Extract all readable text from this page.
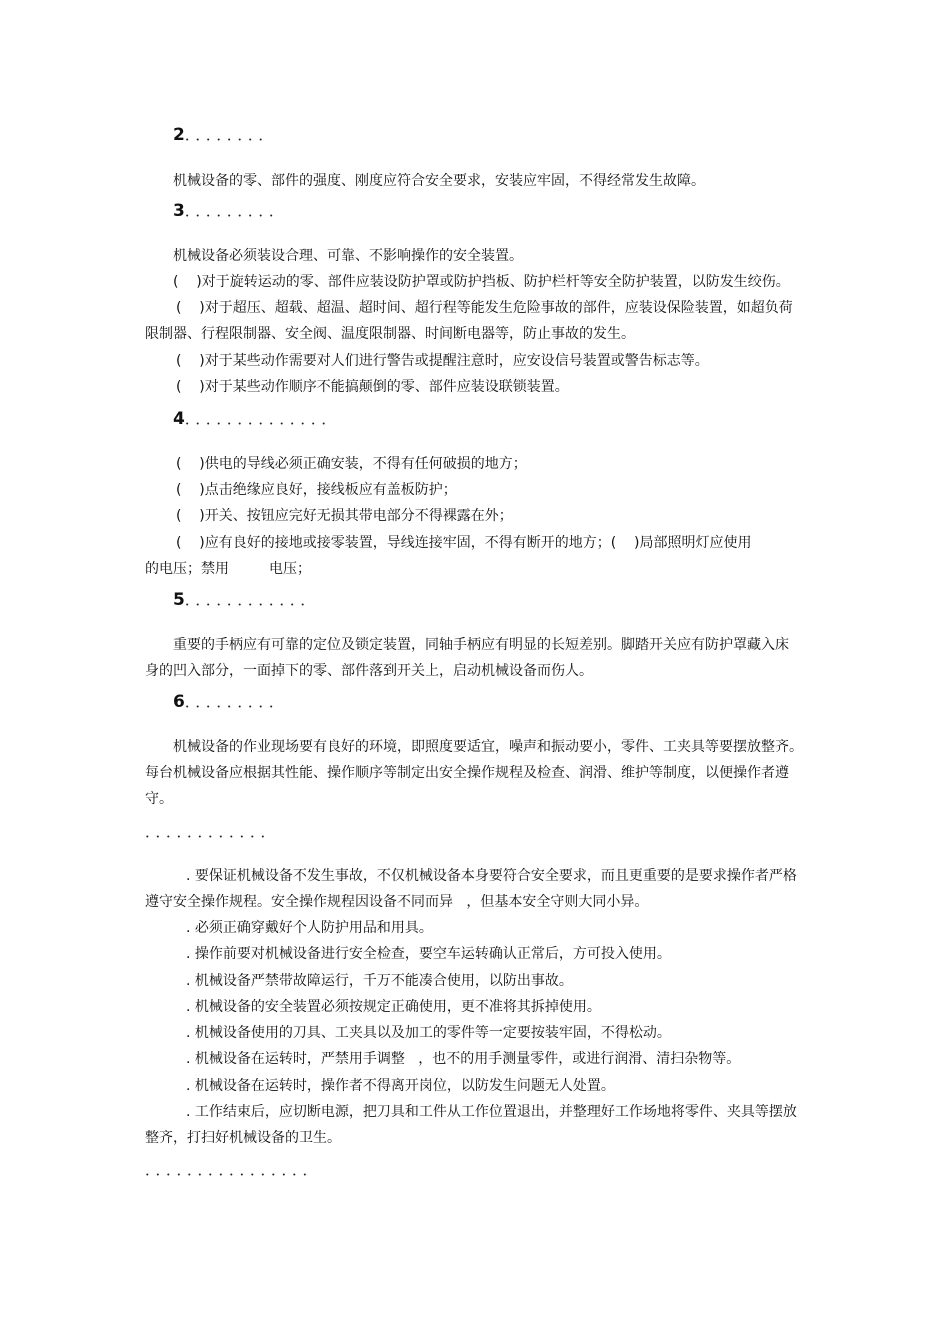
2．．．．．．．．
机械设备的零、部件的强度、刚度应符合安全要求，安装应牢固，不得经常发生故障。
3．．．．．．．．．
机械设备必须装设合理、可靠、不影响操作的安全装置。
(    )对于旋转运动的零、部件应装设防护罩或防护挡板、防护栏杆等安全防护装置，以防发生绞伤。
(    )对于超压、超载、超温、超时间、超行程等能发生危险事故的部件，应装设保险装置，如超负荷
限制器、行程限制器、安全阀、温度限制器、时间断电器等，防止事故的发生。
(    )对于某些动作需要对人们进行警告或提醒注意时，应安设信号装置或警告标志等。
(    )对于某些动作顺序不能搞颠倒的零、部件应装设联锁装置。
4．．．．．．．．．．．．．．
(    )供电的导线必须正确安装，不得有任何破损的地方；
(    )点击绝缘应良好，接线板应有盖板防护；
(    )开关、按钮应完好无损其带电部分不得裸露在外；
(    )应有良好的接地或接零装置，导线连接牢固，不得有断开的地方；(    )局部照明灯应使用
的电压；禁用         电压；
5．．．．．．．．．．．．
重要的手柄应有可靠的定位及锁定装置，同轴手柄应有明显的长短差别。脚踏开关应有防护罩藏入床
身的凹入部分，一面掉下的零、部件落到开关上，启动机械设备而伤人。
6．．．．．．．．．
机械设备的作业现场要有良好的环境，即照度要适宜，噪声和振动要小，零件、工夹具等要摆放整齐。
每台机械设备应根据其性能、操作顺序等制定出安全操作规程及检查、润滑、维护等制度，以便操作者遵
守。
．．．．．．．．．．．．
. 要保证机械设备不发生事故，不仅机械设备本身要符合安全要求，而且更重要的是要求操作者严格
遵守安全操作规程。安全操作规程因设备不同而异   ，但基本安全守则大同小异。
. 必须正确穿戴好个人防护用品和用具。
. 操作前要对机械设备进行安全检查，要空车运转确认正常后，方可投入使用。
. 机械设备严禁带故障运行，千万不能凑合使用，以防出事故。
. 机械设备的安全装置必须按规定正确使用，更不准将其拆掉使用。
. 机械设备使用的刀具、工夹具以及加工的零件等一定要按装牢固，不得松动。
. 机械设备在运转时，严禁用手调整   ，也不的用手测量零件，或进行润滑、清扫杂物等。
. 机械设备在运转时，操作者不得离开岗位，以防发生问题无人处置。
. 工作结束后，应切断电源，把刀具和工件从工作位置退出，并整理好工作场地将零件、夹具等摆放
整齐，打扫好机械设备的卫生。
．．．．．．．．．．．．．．．．
